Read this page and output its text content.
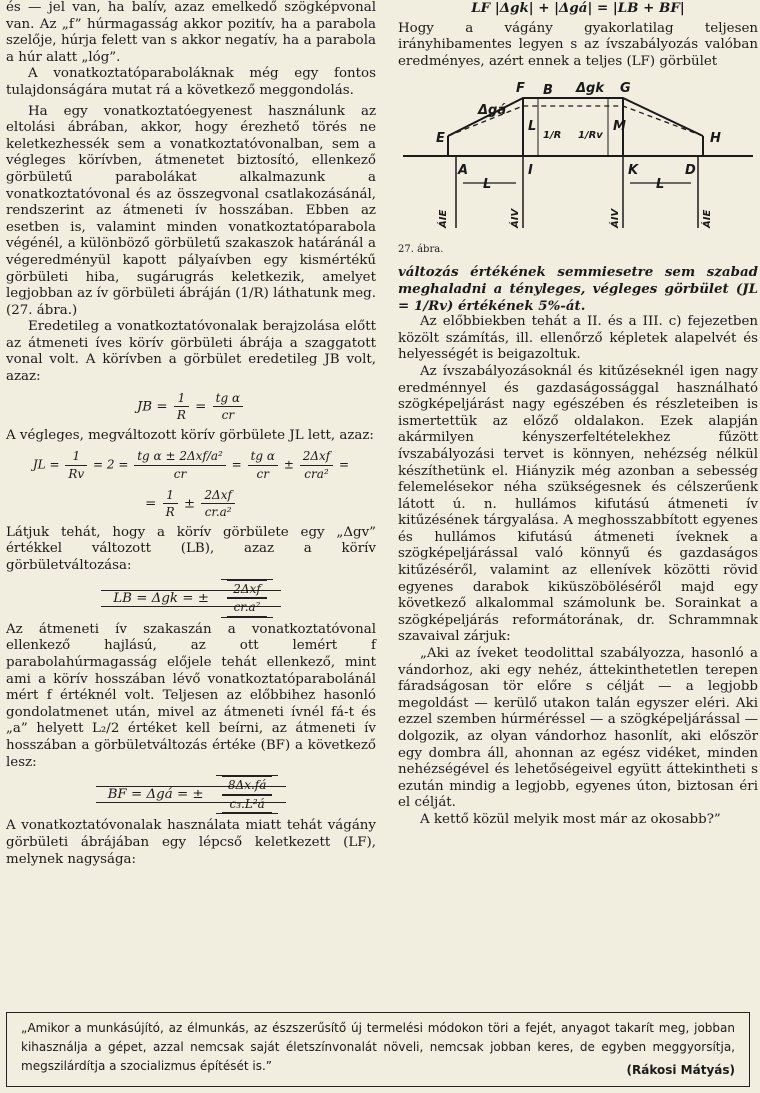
és — jel van, ha balív, azaz emelkedő szögképvonal van. Az „f” húrmagasság akkor pozitív, ha a parabola szelője, húrja felett van s akkor negatív, ha a parabola a húr alatt „lóg”.

A vonatkoztatóparaboláknak még egy fontos tulajdonságára mutat rá a következő meggondolás.

Ha egy vonatkoztatóegyenest használunk az eltolási ábrában, akkor, hogy érezhető törés ne keletkezhessék sem a vonatkoztatóvonalban, sem a végleges körívben, átmenetet biztosító, ellenkező görbületű parabolákat alkalmazunk a vonatkoztatóvonal és az összegvonal csatlakozásánál, rendszerint az átmeneti ív hosszában. Ebben az esetben is, valamint minden vonatkoztatóparabola végénél, a különböző görbületű szakaszok határánál a végeredményül kapott pályaívben egy kismértékű görbületi hiba, sugárugrás keletkezik, amelyet legjobban az ív görbületi ábráján (1/R) láthatunk meg. (27. ábra.)

Eredetileg a vonatkoztatóvonalak berajzolása előtt az átmeneti íves körív görbületi ábrája a szaggatott vonal volt. A körívben a görbület eredetileg JB volt, azaz:

JB = $\frac{1}{R} = \frac{\text{tg α}}{cr}$

A végleges, megváltozott körív görbülete JL lett, azaz:

JL = $\frac{1}{Rv} = 2 = \frac{\text{tg α ± 2Δxf/a²}}{cr} = \frac{\text{tg α}}{cr} \pm \frac{\text{2Δxf}}{\text{cra²}}$ =
= $\frac{1}{R} \pm \frac{\text{2Δxf}}{\text{cr.a²}}$

Látjuk tehát, hogy a körív görbülete egy „Δgv” értékkel változott (LB), azaz a körív görbületváltozása:

LB = Δgk = ± $\frac{\text{2Δxf}}{\text{cr.a²}}$

Az átmeneti ív szakaszán a vonatkoztatóvonal ellenkező hajlású, az ott lemért f parabolahúrmagasság előjele tehát ellenkező, mint ami a körív hosszában lévő vonatkoztatóparabolánál mért f értéknél volt. Teljesen az előbbihez hasonló gondolatmenet után, mivel az átmeneti ívnél fá-t és „a” helyett L₂/2 értéket kell beírni, az átmeneti ív hosszában a görbületváltozás értéke (BF) a következő lesz:

BF = Δgá = ± $\frac{8\Delta x.fá}{\text{c₃.L²á}}$

A vonatkoztatóvonalak használata miatt tehát vágány görbületi ábrájában egy lépcső keletkezett (LF), melynek nagysága:

LF |Δgk| + |Δgá| = |LB + BF|

Hogy a vágány gyakorlatilag teljesen irányhibamentes legyen s az ívszabályozás valóban eredményes, azért ennek a teljes (LF) görbület

Δgá
F B Δgk G
E
L	M
H
A	I	K	D
L	L
ÁIE	ÁIV	ÁIV	ÁIE
1/R 1/Rv
27. ábra.

változás értékének semmiesetre sem szabad meghaladni a tényleges, végleges görbület (JL = 1/Rv) értékének 5%-át.

Az előbbiekben tehát a II. és a III. c) fejezetben közölt számítás, ill. ellenőrző képletek alapelvét és helyességét is beigazoltuk.

Az ívszabályozásoknál és kitűzéseknél igen nagy eredménnyel és gazdaságossággal használható szögképeljárást nagy egészében és részleteiben is ismertettük az előző oldalakon. Ezek alapján akármilyen kényszerfeltételekhez fűzött ívszabályozási tervet is könnyen, nehézség nélkül készíthetünk el. Hiányzik még azonban a sebesség felemelésekor néha szükségesnek és célszerűenk látott ú. n. hullámos kifutású átmeneti ív kitűzésének tárgyalása. A meghosszabbított egyenes és hullámos kifutású átmeneti íveknek a szögképeljárással való könnyű és gazdaságos kitűzéséről, valamint az ellenívek közötti rövid egyenes darabok kiküszöböléséről majd egy következő alkalommal számolunk be. Sorainkat a szögképeljárás reformátorának, dr. Schrammnak szavaival zárjuk:

„Aki az íveket teodolittal szabályozza, hasonló a vándorhoz, aki egy nehéz, áttekinthetetlen terepen fáradságosan tör előre s célját — a legjobb megoldást — kerülő utakon talán egyszer eléri. Aki ezzel szemben húrméréssel — a szögképeljárással — dolgozik, az olyan vándorhoz hasonlít, aki először egy dombra áll, ahonnan az egész vidéket, minden nehézségével és lehetőségeivel együtt áttekintheti s ezután mindig a legjobb, egyenes úton, biztosan éri el célját.

A kettő közül melyik most már az okosabb?”

„Amikor a munkásújító, az élmunkás, az észszerűsítő új termelési módokon töri a fejét, anyagot takarít meg, jobban kihasználja a gépet, azzal nemcsak saját életszínvonalát növeli, nemcsak jobban keres, de egyben meggyorsítja, megszilárdítja a szocializmus építését is.”	(Rákosi Mátyás)
